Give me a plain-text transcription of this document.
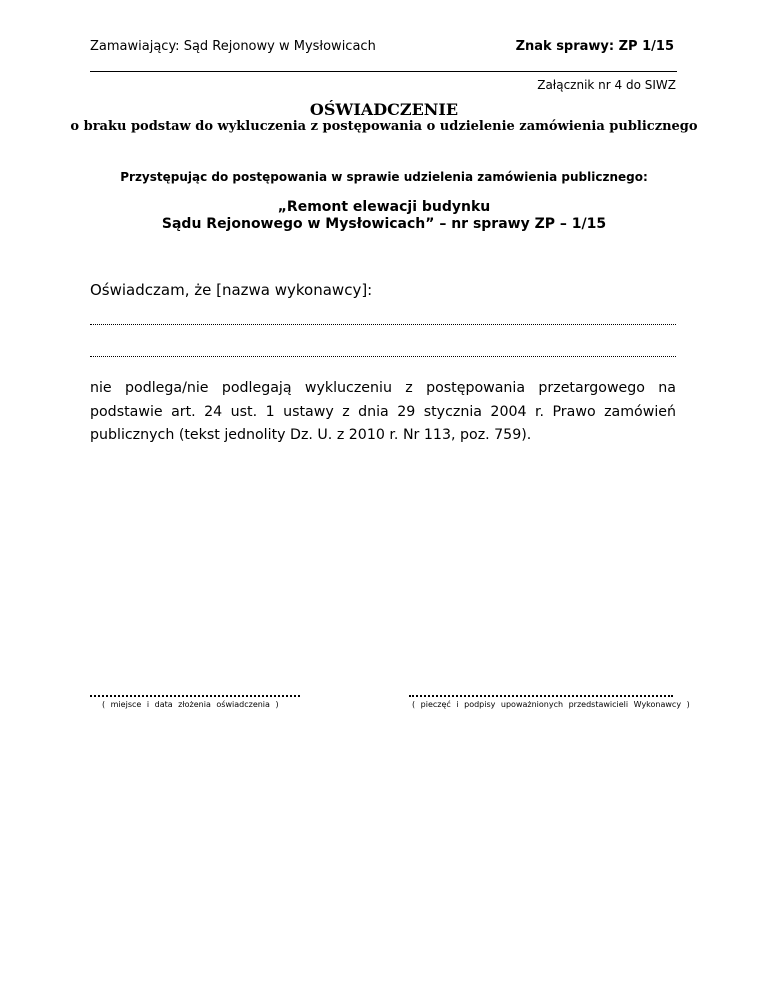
Zamawiający: Sąd Rejonowy w Mysłowicach	Znak sprawy: ZP 1/15
Załącznik nr 4 do SIWZ
OŚWIADCZENIE
o braku podstaw do wykluczenia z postępowania o udzielenie zamówienia publicznego
Przystępując do postępowania w sprawie udzielenia zamówienia publicznego:
„Remont elewacji budynku
Sądu Rejonowego w Mysłowicach” – nr sprawy ZP – 1/15
Oświadczam, że [nazwa wykonawcy]:
nie podlega/nie podlegają wykluczeniu z postępowania przetargowego na podstawie art. 24 ust. 1 ustawy z dnia 29 stycznia 2004 r. Prawo zamówień publicznych (tekst jednolity Dz. U. z 2010 r. Nr 113, poz. 759).
( miejsce i data złożenia oświadczenia )	( pieczęć i podpisy upoważnionych przedstawicieli Wykonawcy )
